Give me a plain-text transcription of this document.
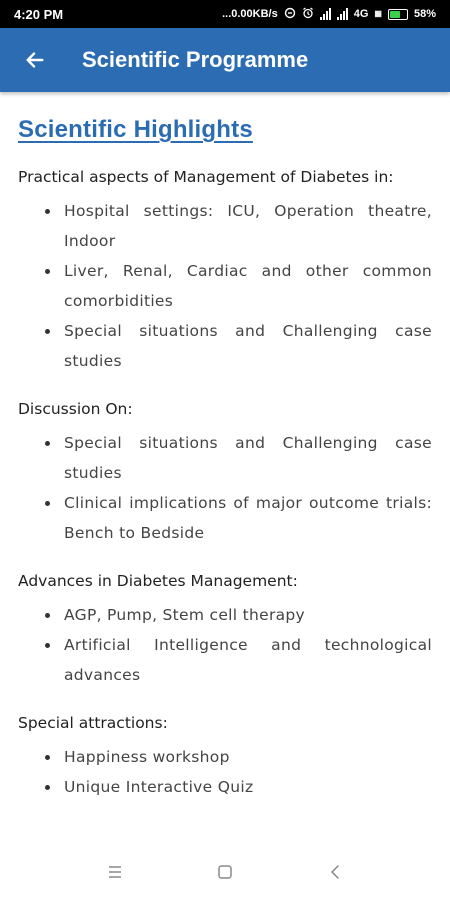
4:20 PM	...0.00KB/s	4G ▦	58%
Scientific Programme
Scientific Highlights
Practical aspects of Management of Diabetes in:
Hospital settings: ICU, Operation theatre, Indoor
Liver, Renal, Cardiac and other common comorbidities
Special situations and Challenging case studies
Discussion On:
Special situations and Challenging case studies
Clinical implications of major outcome trials: Bench to Bedside
Advances in Diabetes Management:
AGP, Pump, Stem cell therapy
Artificial Intelligence and technological advances
Special attractions:
Happiness workshop
Unique Interactive Quiz
